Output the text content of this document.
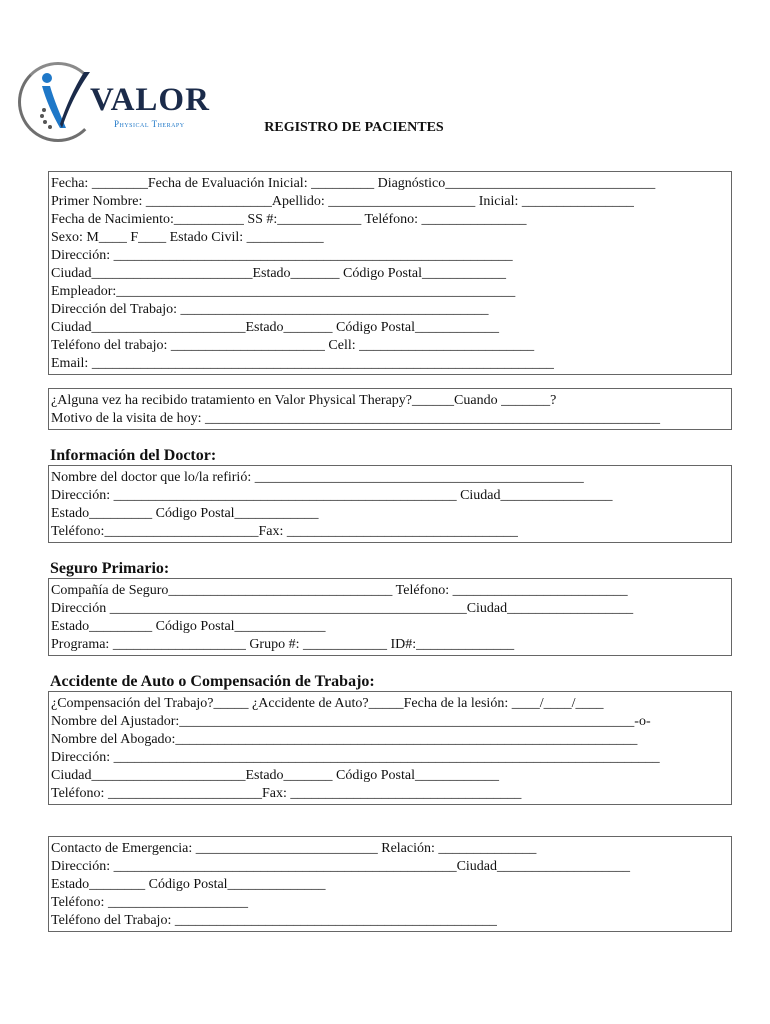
VALOR
Physical Therapy	REGISTRO DE PACIENTES
Fecha: ________Fecha de Evaluación Inicial: _________ Diagnóstico______________________________
Primer Nombre: __________________Apellido: _____________________ Inicial: ________________
Fecha de Nacimiento:__________ SS #:____________ Teléfono: _______________
Sexo: M____ F____ Estado Civil: ___________
Dirección: _________________________________________________________
Ciudad_______________________Estado_______ Código Postal____________
Empleador:_________________________________________________________
Dirección del Trabajo: ____________________________________________
Ciudad______________________Estado_______ Código Postal____________
Teléfono del trabajo: ______________________ Cell: _________________________
Email: __________________________________________________________________
¿Alguna vez ha recibido tratamiento en Valor Physical Therapy?______Cuando _______?
Motivo de la visita de hoy: _________________________________________________________________
Información del Doctor:
Nombre del doctor que lo/la refirió: _______________________________________________
Dirección: _________________________________________________ Ciudad________________
Estado_________ Código Postal____________
Teléfono:______________________Fax: _________________________________
Seguro Primario:
Compañía de Seguro________________________________ Teléfono: _________________________
Dirección ___________________________________________________Ciudad__________________
Estado_________ Código Postal_____________
Programa: ___________________ Grupo #: ____________ ID#:______________
Accidente de Auto o Compensación de Trabajo:
¿Compensación del Trabajo?_____ ¿Accidente de Auto?_____Fecha de la lesión: ____/____/____
Nombre del Ajustador:_________________________________________________________________-o-
Nombre del Abogado:__________________________________________________________________
Dirección: ______________________________________________________________________________
Ciudad______________________Estado_______ Código Postal____________
Teléfono: ______________________Fax: _________________________________
Contacto de Emergencia: __________________________ Relación: ______________
Dirección: _________________________________________________Ciudad___________________
Estado________ Código Postal______________
Teléfono: ____________________
Teléfono del Trabajo: ______________________________________________
